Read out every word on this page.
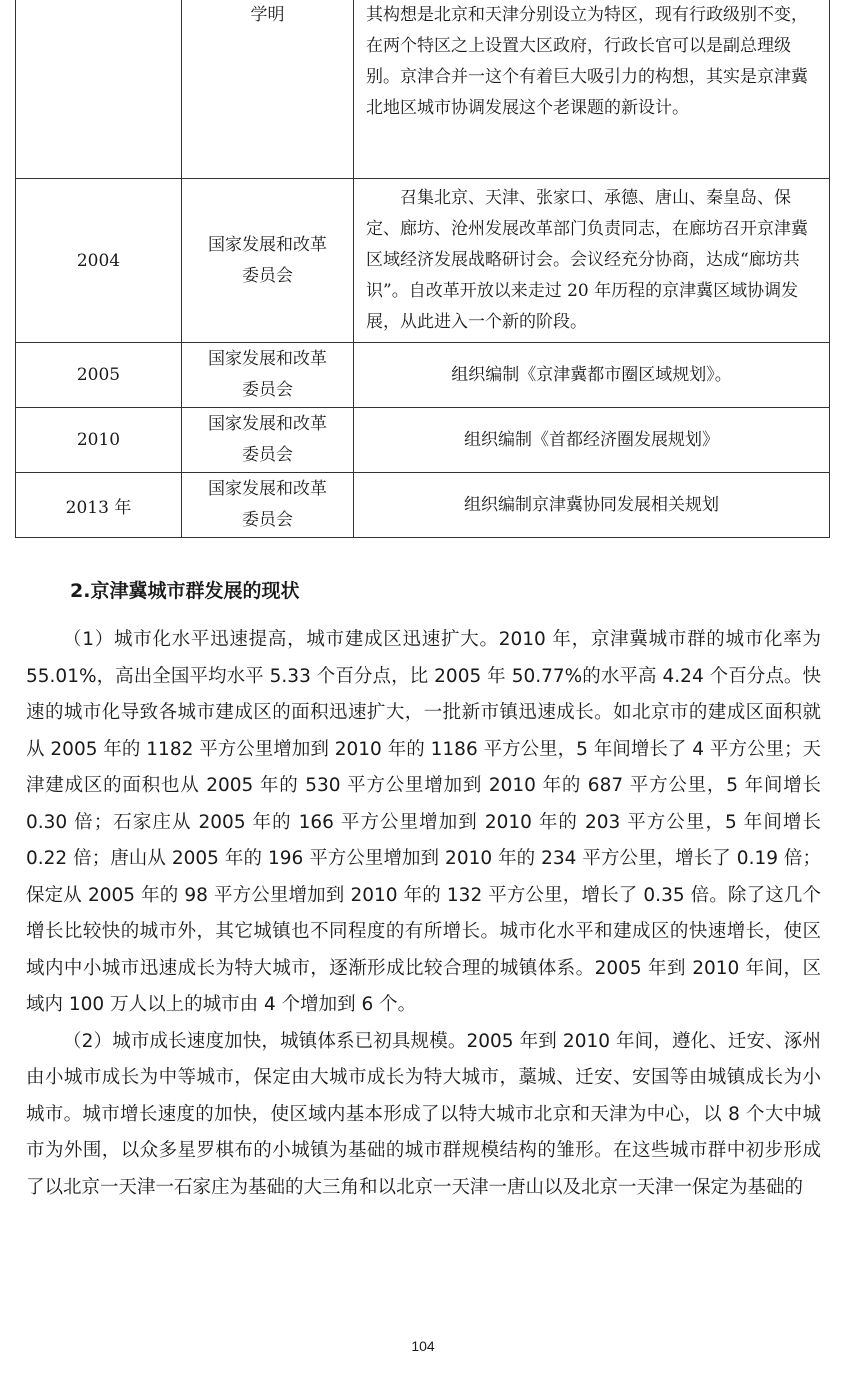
	学明	其构想是北京和天津分别设立为特区，现有行政级别不变，在两个特区之上设置大区政府，行政长官可以是副总理级别。京津合并一这个有着巨大吸引力的构想，其实是京津冀北地区城市协调发展这个老课题的新设计。

2004	国家发展和改革委员会	召集北京、天津、张家口、承德、唐山、秦皇岛、保定、廊坊、沧州发展改革部门负责同志，在廊坊召开京津冀区域经济发展战略研讨会。会议经充分协商，达成“廊坊共识”。自改革开放以来走过 20 年历程的京津冀区域协调发展，从此进入一个新的阶段。

2005	国家发展和改革委员会	组织编制《京津冀都市圈区域规划》。
2010	国家发展和改革委员会	组织编制《首都经济圈发展规划》
2013 年	国家发展和改革委员会	组织编制京津冀协同发展相关规划
2.京津冀城市群发展的现状

（1）城市化水平迅速提高，城市建成区迅速扩大。2010 年，京津冀城市群的城市化率为 55.01%，高出全国平均水平 5.33 个百分点，比 2005 年 50.77%的水平高 4.24 个百分点。快速的城市化导致各城市建成区的面积迅速扩大，一批新市镇迅速成长。如北京市的建成区面积就从 2005 年的 1182 平方公里增加到 2010 年的 1186 平方公里，5 年间增长了 4 平方公里；天津建成区的面积也从 2005 年的 530 平方公里增加到 2010 年的 687 平方公里，5 年间增长 0.30 倍；石家庄从 2005 年的 166 平方公里增加到 2010 年的 203 平方公里，5 年间增长 0.22 倍；唐山从 2005 年的 196 平方公里增加到 2010 年的 234 平方公里，增长了 0.19 倍；保定从 2005 年的 98 平方公里增加到 2010 年的 132 平方公里，增长了 0.35 倍。除了这几个增长比较快的城市外，其它城镇也不同程度的有所增长。城市化水平和建成区的快速增长，使区域内中小城市迅速成长为特大城市，逐渐形成比较合理的城镇体系。2005 年到 2010 年间，区域内 100 万人以上的城市由 4 个增加到 6 个。

（2）城市成长速度加快，城镇体系已初具规模。2005 年到 2010 年间，遵化、迁安、涿州由小城市成长为中等城市，保定由大城市成长为特大城市，藁城、迁安、安国等由城镇成长为小城市。城市增长速度的加快，使区域内基本形成了以特大城市北京和天津为中心，以 8 个大中城市为外围，以众多星罗棋布的小城镇为基础的城市群规模结构的雏形。在这些城市群中初步形成了以北京一天津一石家庄为基础的大三角和以北京一天津一唐山以及北京一天津一保定为基础的

104
